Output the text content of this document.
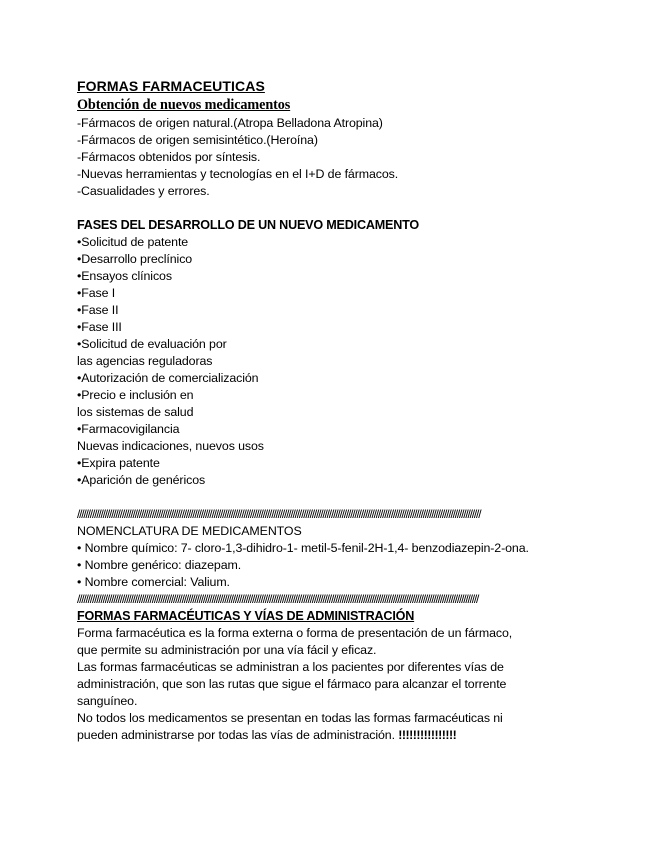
FORMAS FARMACEUTICAS
Obtención de nuevos medicamentos
-Fármacos de origen natural.(Atropa Belladona Atropina)
-Fármacos de origen semisintético.(Heroína)
-Fármacos obtenidos por síntesis.
-Nuevas herramientas y tecnologías en el I+D de fármacos.
-Casualidades y errores.
FASES DEL DESARROLLO DE UN NUEVO MEDICAMENTO
•Solicitud de patente
•Desarrollo preclínico
•Ensayos clínicos
•Fase I
•Fase II
•Fase III
•Solicitud de evaluación por
las agencias reguladoras
•Autorización de comercialización
•Precio e inclusión en
los sistemas de salud
•Farmacovigilancia
Nuevas indicaciones, nuevos usos
•Expira patente
•Aparición de genéricos
/////////////////////////////////////////////////////////////////////////////////////////////////////////////////////////////////////////////////////////////////////////////////////////////
NOMENCLATURA DE MEDICAMENTOS
• Nombre químico: 7- cloro-1,3-dihidro-1- metil-5-fenil-2H-1,4- benzodiazepin-2-ona.
• Nombre genérico: diazepam.
• Nombre comercial: Valium.
////////////////////////////////////////////////////////////////////////////////////////////////////////////////////////////////////////////////////////////////////////////////////////////
FORMAS FARMACÉUTICAS Y VÍAS DE ADMINISTRACIÓN
Forma farmacéutica es la forma externa o forma de presentación de un fármaco,
que permite su administración por una vía fácil y eficaz.
Las formas farmacéuticas se administran a los pacientes por diferentes vías de
administración, que son las rutas que sigue el fármaco para alcanzar el torrente
sanguíneo.
No todos los medicamentos se presentan en todas las formas farmacéuticas ni
pueden administrarse por todas las vías de administración. !!!!!!!!!!!!!!!!
